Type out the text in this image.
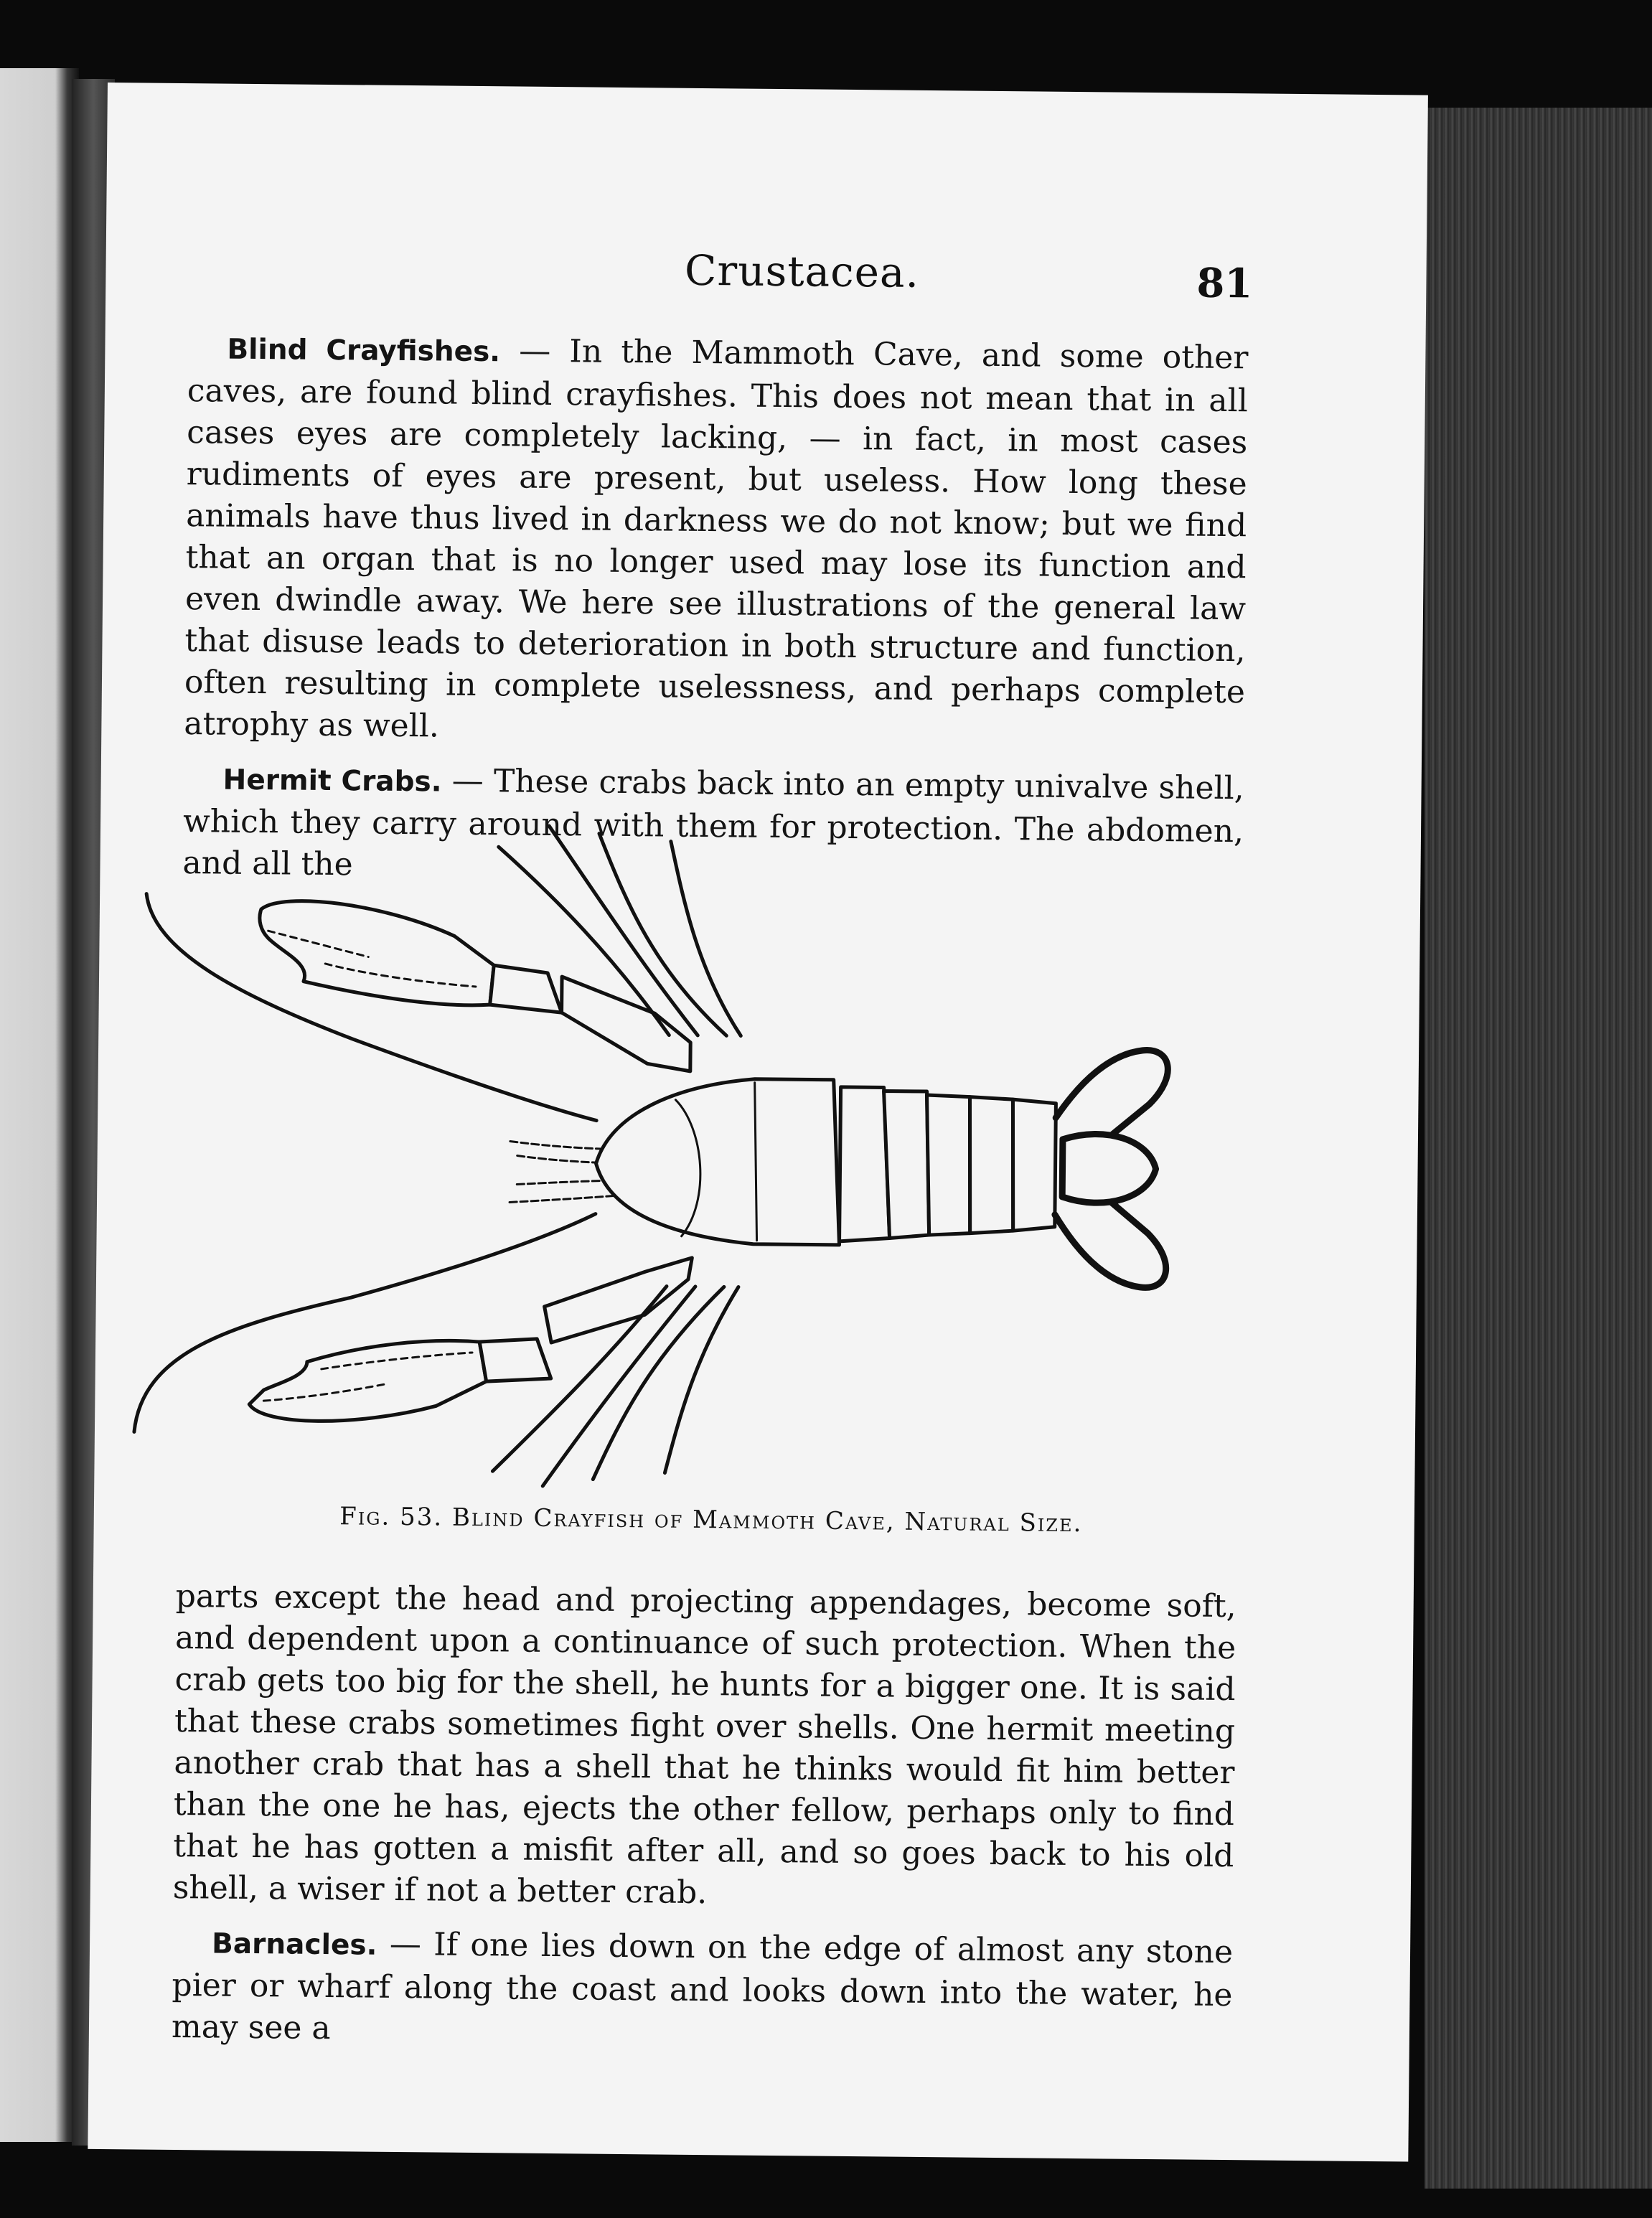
Crustacea.	81

Blind Crayfishes. — In the Mammoth Cave, and some other caves, are found blind crayfishes. This does not mean that in all cases eyes are completely lacking, — in fact, in most cases rudiments of eyes are present, but useless. How long these animals have thus lived in darkness we do not know; but we find that an organ that is no longer used may lose its function and even dwindle away. We here see illustrations of the general law that disuse leads to deterioration in both structure and function, often resulting in complete uselessness, and perhaps complete atrophy as well.

Hermit Crabs. — These crabs back into an empty univalve shell, which they carry around with them for protection. The abdomen, and all the

Fig. 53. Blind Crayfish of Mammoth Cave, Natural Size.

parts except the head and projecting appendages, become soft, and dependent upon a continuance of such protection. When the crab gets too big for the shell, he hunts for a bigger one. It is said that these crabs sometimes fight over shells. One hermit meeting another crab that has a shell that he thinks would fit him better than the one he has, ejects the other fellow, perhaps only to find that he has gotten a misfit after all, and so goes back to his old shell, a wiser if not a better crab.

Barnacles. — If one lies down on the edge of almost any stone pier or wharf along the coast and looks down into the water, he may see a
